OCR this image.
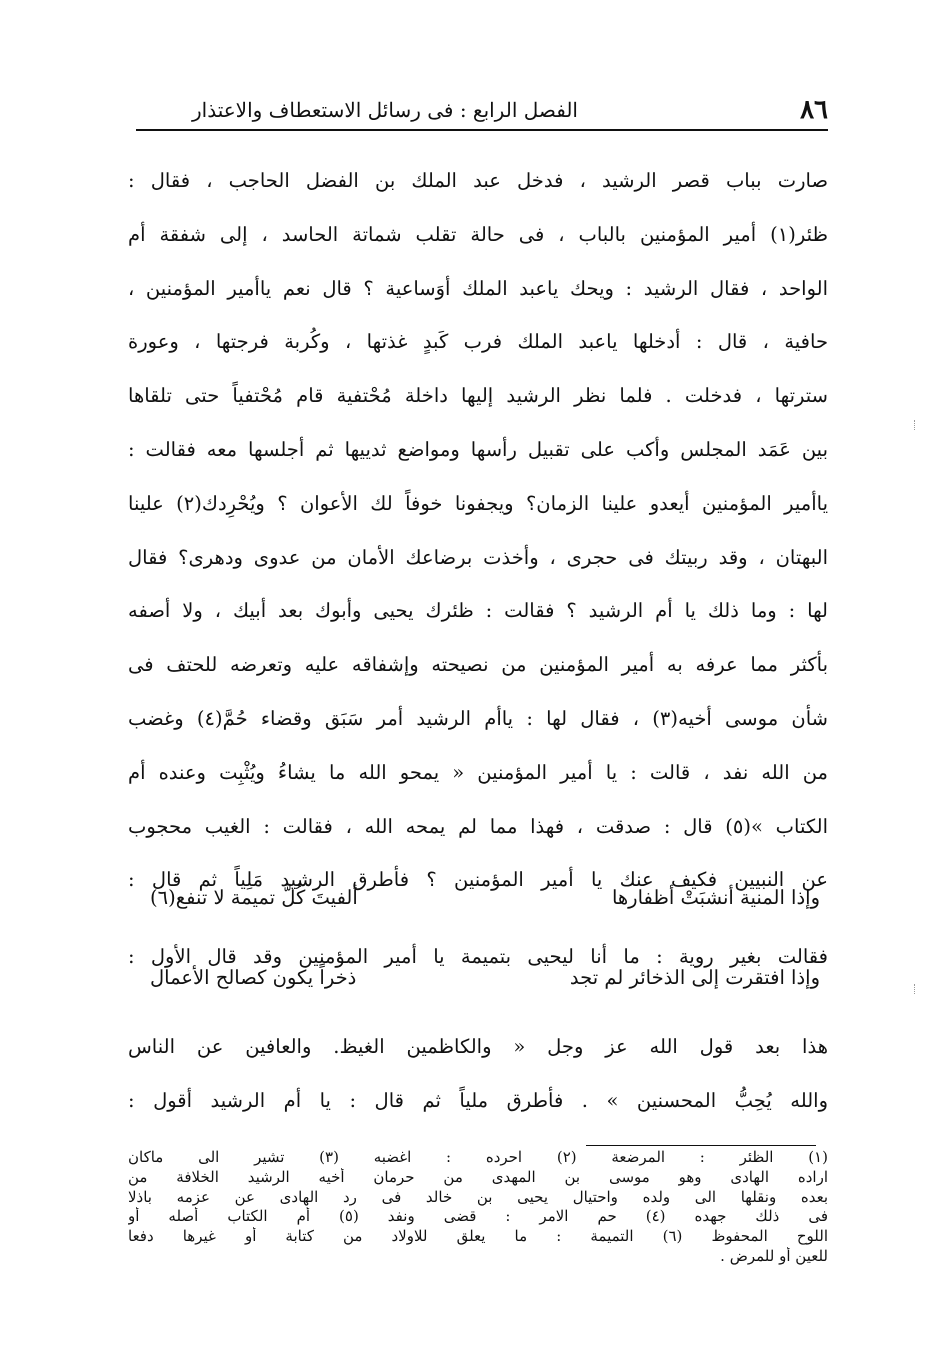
٨٦
الفصل الرابع : فى رسائل الاستعطاف والاعتذار
صارت بباب قصر الرشيد ، فدخل عبد الملك بن الفضل الحاجب ، فقال :
ظئر(١) أمير المؤمنين بالباب ، فى حالة تقلب شماتة الحاسد ، إلى شفقة أم
الواحد ، فقال الرشيد : ويحك ياعبد الملك أوَساعية ؟ قال نعم ياأمير المؤمنين ،
حافية ، قال : أدخلها ياعبد الملك فرب كَبدٍ غذتها ، وكُربة فرجتها ، وعورة
سترتها ، فدخلت . فلما نظر الرشيد إليها داخلة مُحْتفية قام مُحْتفياً حتى تلقاها
بين عَمَد المجلس وأكب على تقبيل رأسها ومواضع ثدييها ثم أجلسها معه فقالت :
ياأمير المؤمنين أيعدو علينا الزمان؟ ويجفونا خوفاً لك الأعوان ؟ ويُحْرِدك(٢) علينا
البهتان ، وقد ربيتك فى حجرى ، وأخذت برضاعك الأمان من عدوى ودهرى؟ فقال
لها : وما ذلك يا أم الرشيد ؟ فقالت : ظئرك يحيى وأبوك بعد أبيك ، ولا أصفه
بأكثر مما عرفه به أمير المؤمنين من نصيحته وإشفاقه عليه وتعرضه للحتف فى
شأن موسى أخيه(٣) ، فقال لها : ياأم الرشيد أمر سَبَق وقضاء حُمَّ(٤) وغضب
من الله نفد ، قالت : يا أمير المؤمنين « يمحو الله ما يشاءُ ويُثْبِت وعنده أم
الكتاب »(٥) قال : صدقت ، فهذا مما لم يمحه الله ، فقالت : الغيب محجوب
عن النبيين فكيف عنك يا أمير المؤمنين ؟ فأطرق الرشيد مَلِياً ثم قال :
وإذا المنية أنشبَتْ أظفارها
ألفيتَ كُلَّ تميمة لا تنفع(٦)
فقالت بغير روية : ما أنا ليحيى بتميمة يا أمير المؤمنين وقد قال الأول :
وإذا افتقرت إلى الذخائر لم تجد
ذخراً يكون كصالح الأعمال
هذا بعد قول الله عز وجل « والكاظمين الغيظ. والعافين عن الناس
والله يُحِبُّ المحسنين » . فأطرق ملياً ثم قال : يا أم الرشيد أقول :
(١) الظئر : المرضعة (٢) احرده : اغضبه (٣) تشير الى ماكان
اراده الهادى وهو موسى بن المهدى من حرمان أخيه الرشيد الخلافة من
بعده ونقلها الى ولده واحتيال يحيى بن خالد فى رد الهادى عن عزمه باذلا
فى ذلك جهده (٤) حم الامر : قضى ونفد (٥) أم الكتاب أصله أو
اللوح المحفوظ (٦) التميمة : ما يعلق للاولاد من كتابة أو غيرها دفعا
للعين أو للمرض .
